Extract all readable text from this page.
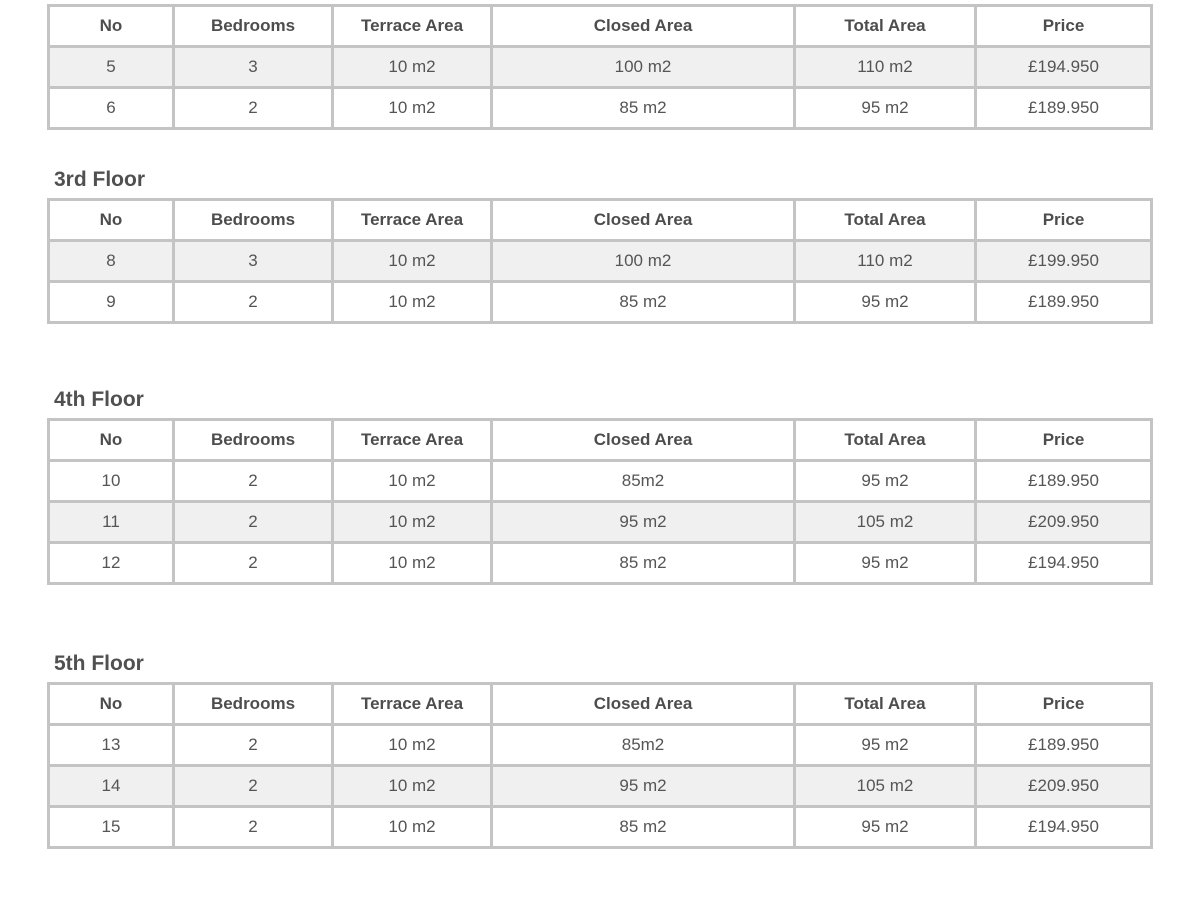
No	Bedrooms	Terrace Area	Closed Area	Total Area	Price
5	3	10 m2	100 m2	110 m2	£194.950
6	2	10 m2	85 m2	95 m2	£189.950
3rd Floor
No	Bedrooms	Terrace Area	Closed Area	Total Area	Price
8	3	10 m2	100 m2	110 m2	£199.950
9	2	10 m2	85 m2	95 m2	£189.950
4th Floor
No	Bedrooms	Terrace Area	Closed Area	Total Area	Price
10	2	10 m2	85m2	95 m2	£189.950
11	2	10 m2	95 m2	105 m2	£209.950
12	2	10 m2	85 m2	95 m2	£194.950
5th Floor
No	Bedrooms	Terrace Area	Closed Area	Total Area	Price
13	2	10 m2	85m2	95 m2	£189.950
14	2	10 m2	95 m2	105 m2	£209.950
15	2	10 m2	85 m2	95 m2	£194.950
